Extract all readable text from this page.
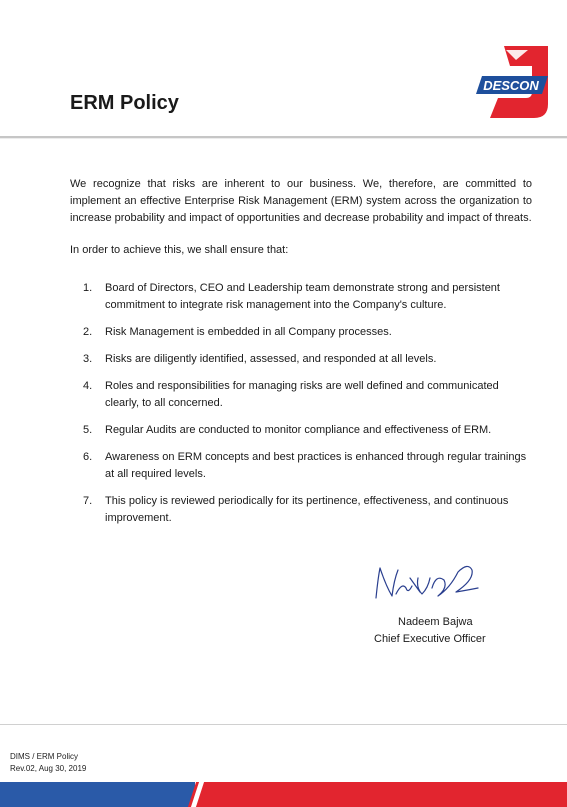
ERM Policy
DESCON

We recognize that risks are inherent to our business. We, therefore, are committed to implement an effective Enterprise Risk Management (ERM) system across the organization to increase probability and impact of opportunities and decrease probability and impact of threats.

In order to achieve this, we shall ensure that:

1.	Board of Directors, CEO and Leadership team demonstrate strong and persistent commitment to integrate risk management into the Company's culture.
2.	Risk Management is embedded in all Company processes.
3.	Risks are diligently identified, assessed, and responded at all levels.
4.	Roles and responsibilities for managing risks are well defined and communicated clearly, to all concerned.
5.	Regular Audits are conducted to monitor compliance and effectiveness of ERM.
6.	Awareness on ERM concepts and best practices is enhanced through regular trainings at all required levels.
7.	This policy is reviewed periodically for its pertinence, effectiveness, and continuous improvement.
Nadeem Bajwa
Chief Executive Officer
DIMS / ERM Policy
Rev.02, Aug 30, 2019
